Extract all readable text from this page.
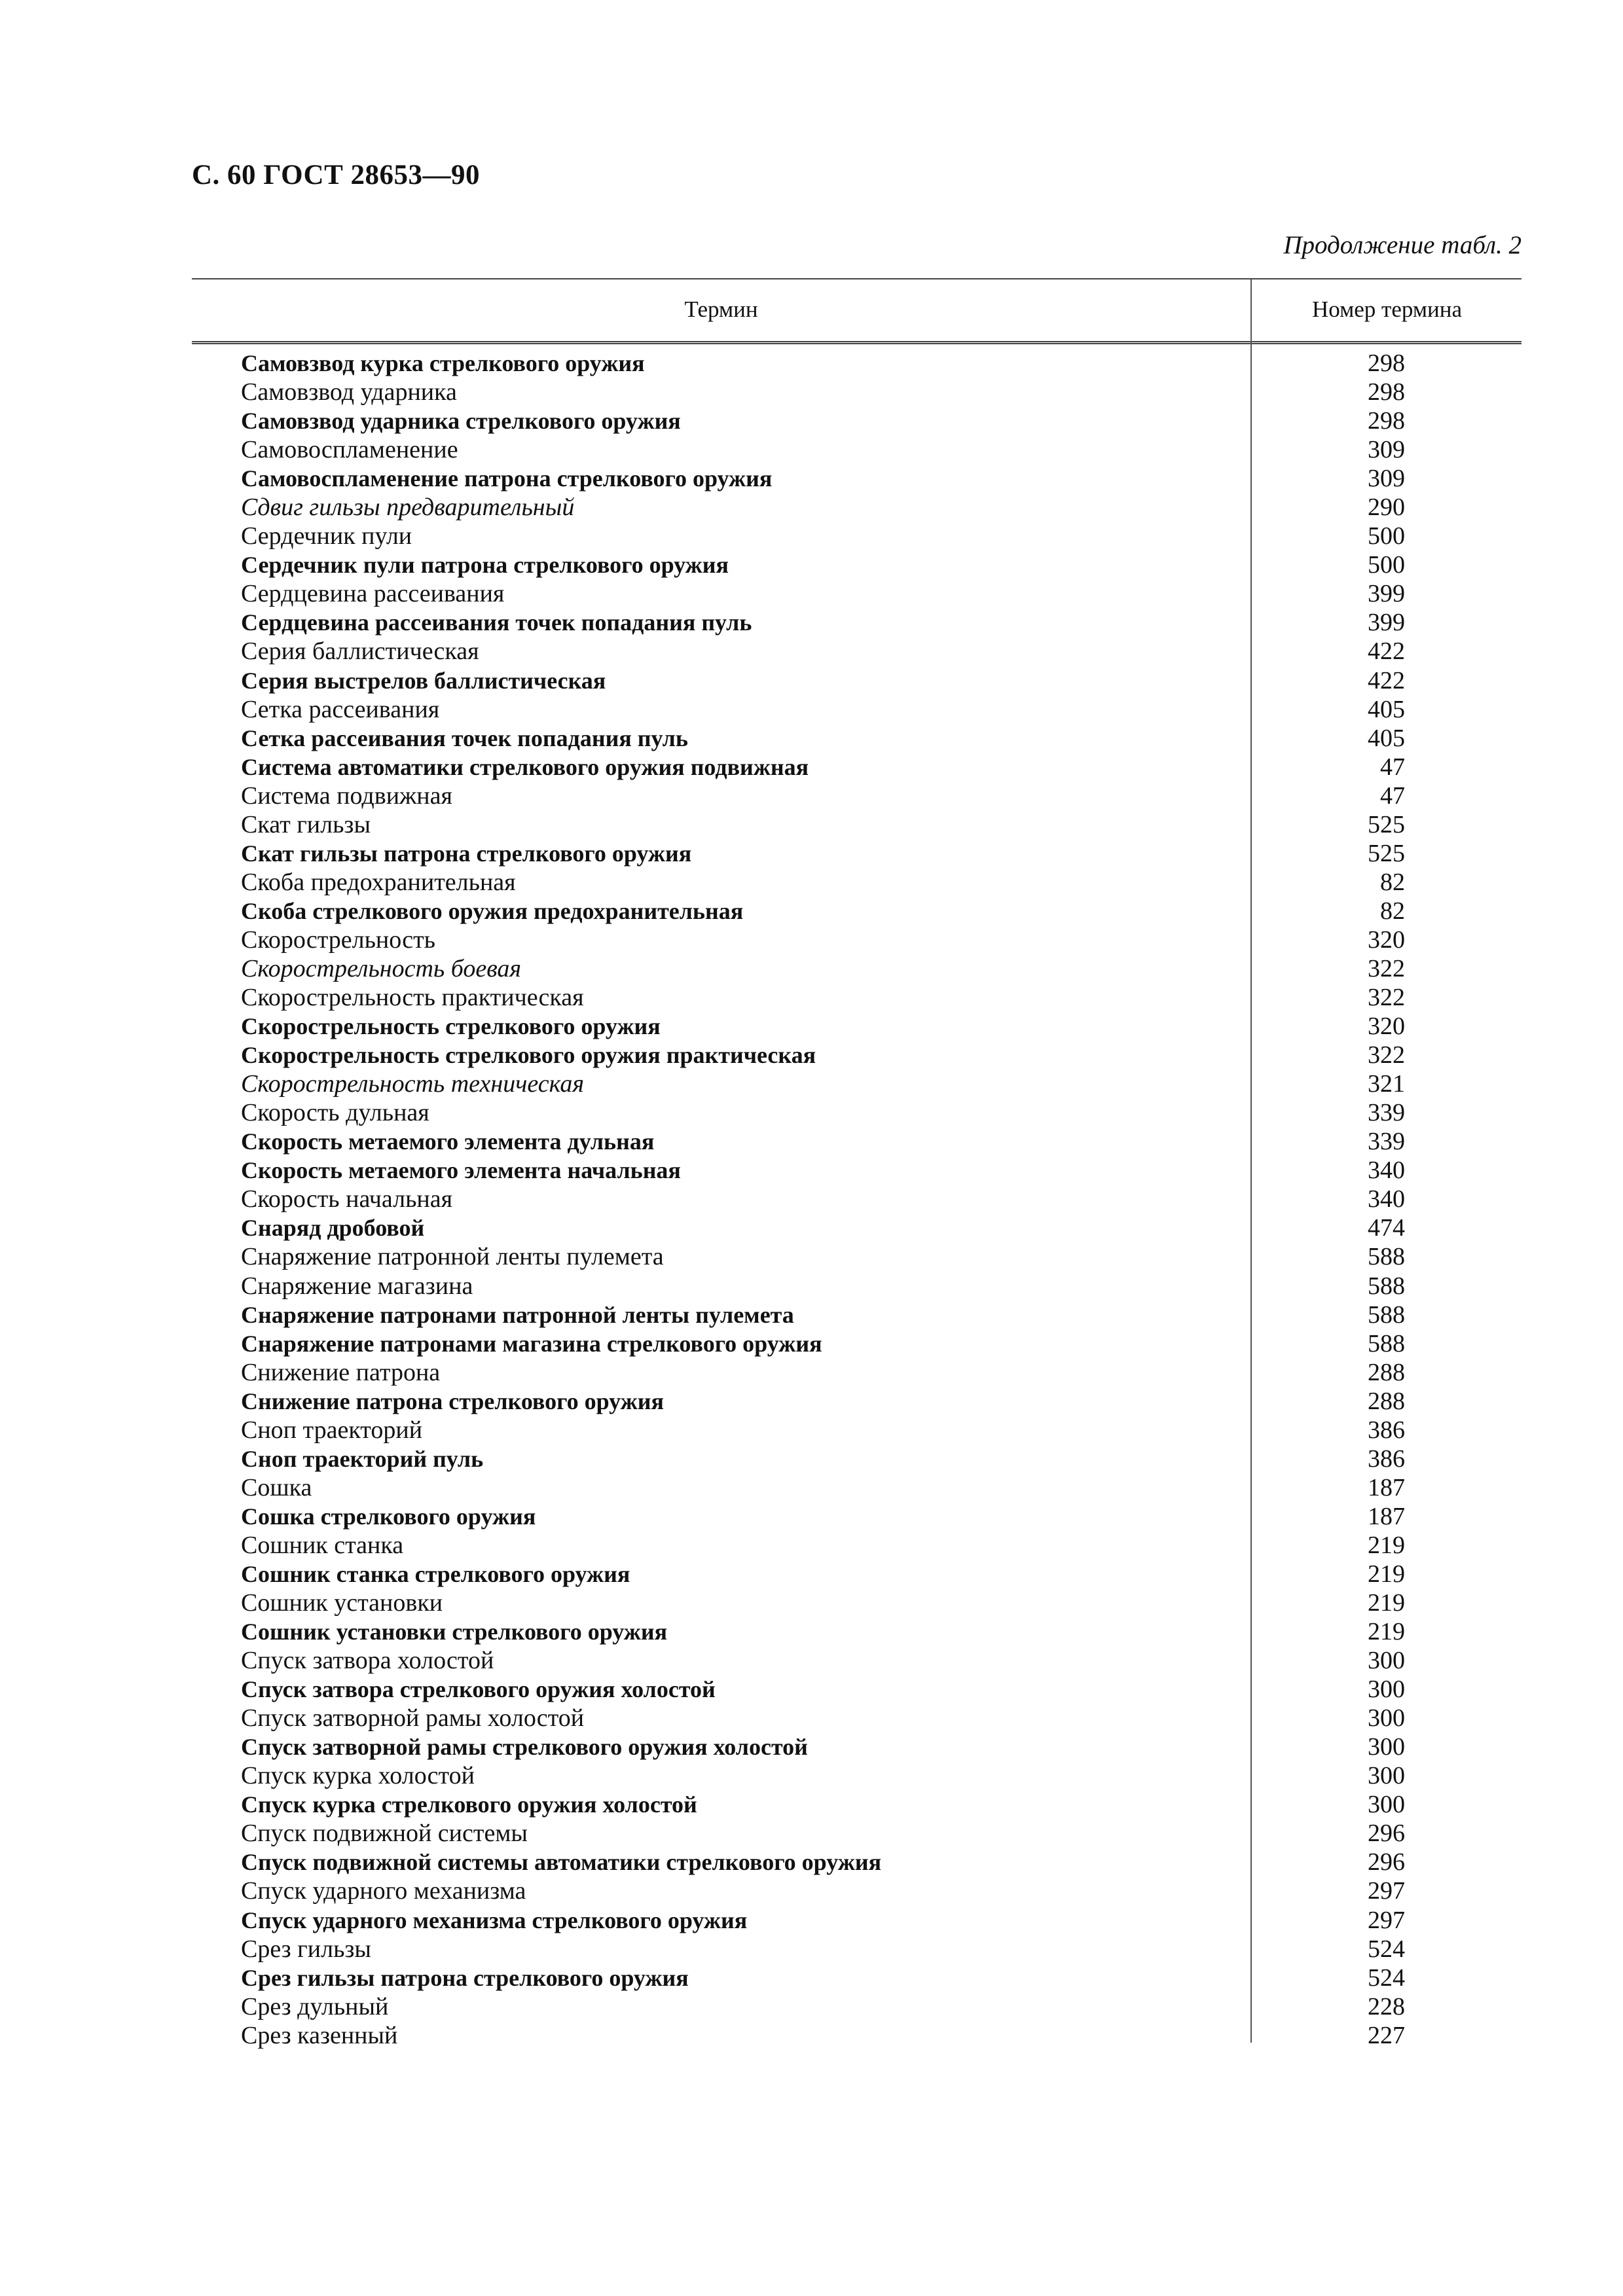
С. 60 ГОСТ 28653—90
Продолжение табл. 2
Термин	Номер термина
Самовзвод курка стрелкового оружия	298
Самовзвод ударника	298
Самовзвод ударника стрелкового оружия	298
Самовоспламенение	309
Самовоспламенение патрона стрелкового оружия	309
Сдвиг гильзы предварительный	290
Сердечник пули	500
Сердечник пули патрона стрелкового оружия	500
Сердцевина рассеивания	399
Сердцевина рассеивания точек попадания пуль	399
Серия баллистическая	422
Серия выстрелов баллистическая	422
Сетка рассеивания	405
Сетка рассеивания точек попадания пуль	405
Система автоматики стрелкового оружия подвижная	47
Система подвижная	47
Скат гильзы	525
Скат гильзы патрона стрелкового оружия	525
Скоба предохранительная	82
Скоба стрелкового оружия предохранительная	82
Скорострельность	320
Скорострельность боевая	322
Скорострельность практическая	322
Скорострельность стрелкового оружия	320
Скорострельность стрелкового оружия практическая	322
Скорострельность техническая	321
Скорость дульная	339
Скорость метаемого элемента дульная	339
Скорость метаемого элемента начальная	340
Скорость начальная	340
Снаряд дробовой	474
Снаряжение патронной ленты пулемета	588
Снаряжение магазина	588
Снаряжение патронами патронной ленты пулемета	588
Снаряжение патронами магазина стрелкового оружия	588
Снижение патрона	288
Снижение патрона стрелкового оружия	288
Сноп траекторий	386
Сноп траекторий пуль	386
Сошка	187
Сошка стрелкового оружия	187
Сошник станка	219
Сошник станка стрелкового оружия	219
Сошник установки	219
Сошник установки стрелкового оружия	219
Спуск затвора холостой	300
Спуск затвора стрелкового оружия холостой	300
Спуск затворной рамы холостой	300
Спуск затворной рамы стрелкового оружия холостой	300
Спуск курка холостой	300
Спуск курка стрелкового оружия холостой	300
Спуск подвижной системы	296
Спуск подвижной системы автоматики стрелкового оружия	296
Спуск ударного механизма	297
Спуск ударного механизма стрелкового оружия	297
Срез гильзы	524
Срез гильзы патрона стрелкового оружия	524
Срез дульный	228
Срез казенный	227
